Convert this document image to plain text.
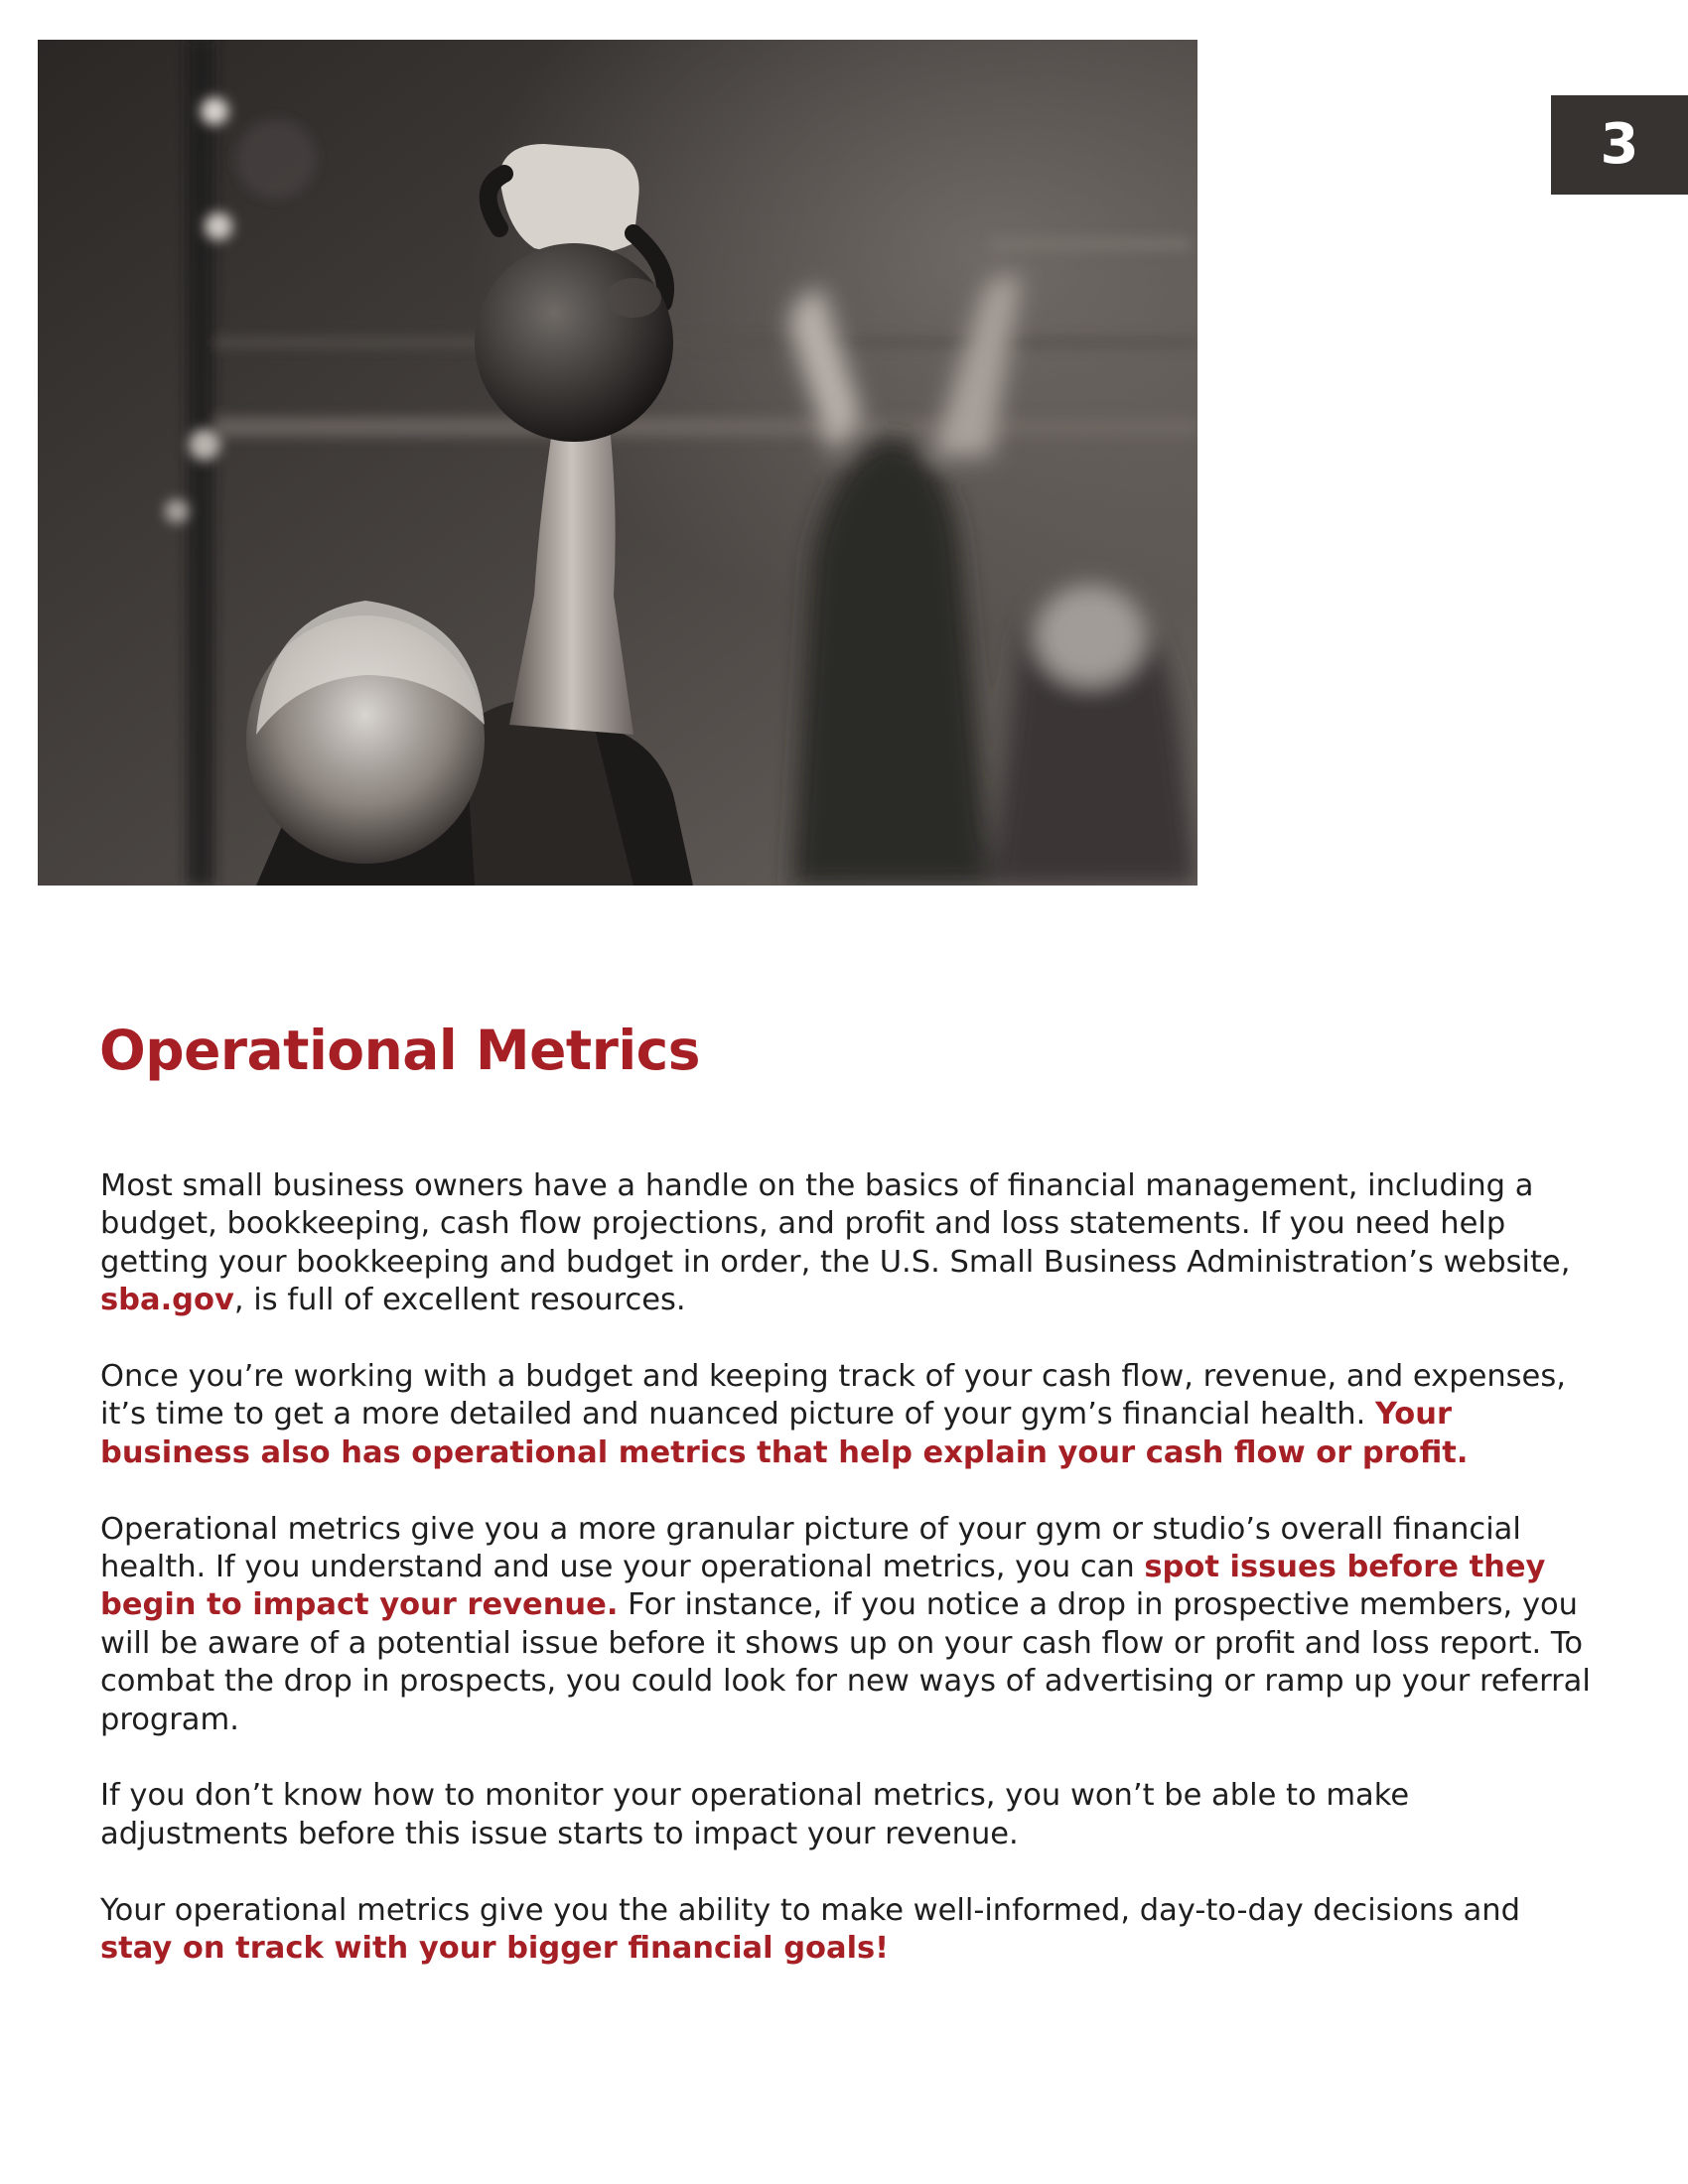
3
Operational Metrics

Most small business owners have a handle on the basics of financial management, including a budget, bookkeeping, cash flow projections, and profit and loss statements. If you need help getting your bookkeeping and budget in order, the U.S. Small Business Administration’s website, sba.gov, is full of excellent resources.

Once you’re working with a budget and keeping track of your cash flow, revenue, and expenses, it’s time to get a more detailed and nuanced picture of your gym’s financial health. Your business also has operational metrics that help explain your cash flow or profit.

Operational metrics give you a more granular picture of your gym or studio’s overall financial health. If you understand and use your operational metrics, you can spot issues before they begin to impact your revenue. For instance, if you notice a drop in prospective members, you will be aware of a potential issue before it shows up on your cash flow or profit and loss report. To combat the drop in prospects, you could look for new ways of advertising or ramp up your referral program.

If you don’t know how to monitor your operational metrics, you won’t be able to make adjustments before this issue starts to impact your revenue.

Your operational metrics give you the ability to make well-informed, day-to-day decisions and stay on track with your bigger financial goals!
